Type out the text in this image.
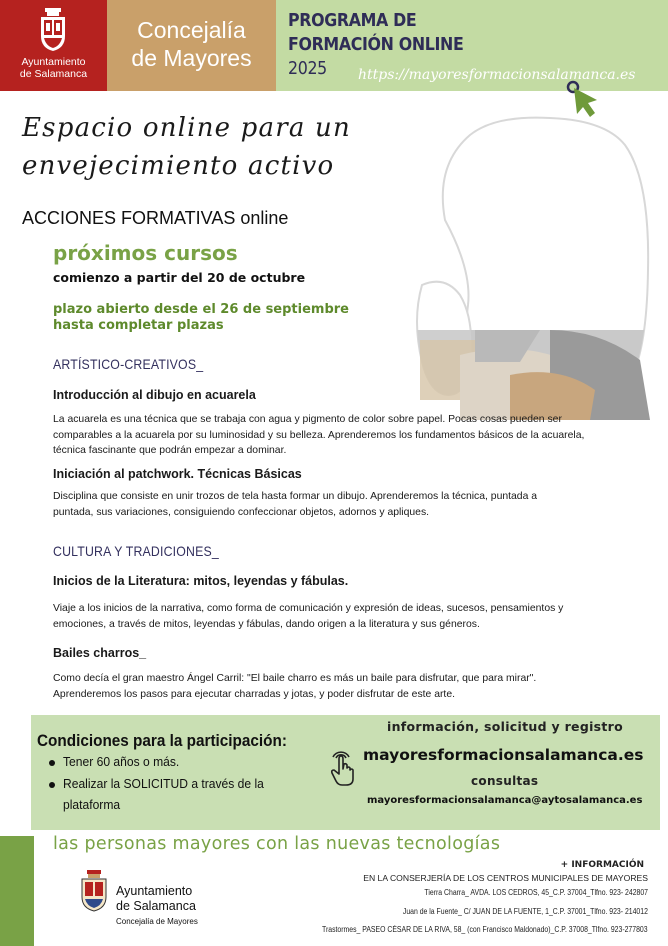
Ayuntamiento
de Salamanca
Concejalía
de Mayores
PROGRAMA DE
FORMACIÓN ONLINE
2025 https://mayoresformacionsalamanca.es
Espacio online para un
envejecimiento activo
ACCIONES FORMATIVAS online
próximos cursos
comienzo a partir del 20 de octubre
plazo abierto desde el 26 de septiembre
hasta completar plazas
ARTÍSTICO-CREATIVOS_
Introducción al dibujo en acuarela
La acuarela es una técnica que se trabaja con agua y pigmento de color sobre papel. Pocas cosas pueden ser
comparables a la acuarela por su luminosidad y su belleza. Aprenderemos los fundamentos básicos de la acuarela,
técnica fascinante que podrán empezar a dominar.
Iniciación al patchwork. Técnicas Básicas
Disciplina que consiste en unir trozos de tela hasta formar un dibujo. Aprenderemos la técnica, puntada a
puntada, sus variaciones, consiguiendo confeccionar objetos, adornos y apliques.
CULTURA Y TRADICIONES_
Inicios de la Literatura: mitos, leyendas y fábulas.
Viaje a los inicios de la narrativa, como forma de comunicación y expresión de ideas, sucesos, pensamientos y
emociones, a través de mitos, leyendas y fábulas, dando origen a la literatura y sus géneros.
Bailes charros_
Como decía el gran maestro Ángel Carril: "El baile charro es más un baile para disfrutar, que para mirar".
Aprenderemos los pasos para ejecutar charradas y jotas, y poder disfrutar de este arte.
Condiciones para la participación:
Tener 60 años o más.
Realizar la SOLICITUD a través de la
plataforma
información, solicitud y registro
mayoresformacionsalamanca.es
consultas
mayoresformacionsalamanca@aytosalamanca.es
las personas mayores con las nuevas tecnologías
Ayuntamiento
de Salamanca
Concejalía de Mayores
+ INFORMACIÓN
EN LA CONSERJERÍA DE LOS CENTROS MUNICIPALES DE MAYORES
Tierra Charra_ AVDA. LOS CEDROS, 45_C.P. 37004_Tlfno. 923- 242807
Juan de la Fuente_ C/ JUAN DE LA FUENTE, 1_C.P. 37001_Tlfno. 923- 214012
Trastormes_ PASEO CÉSAR DE LA RIVA, 58_ (con Francisco Maldonado)_C.P. 37008_Tlfno. 923-277803
